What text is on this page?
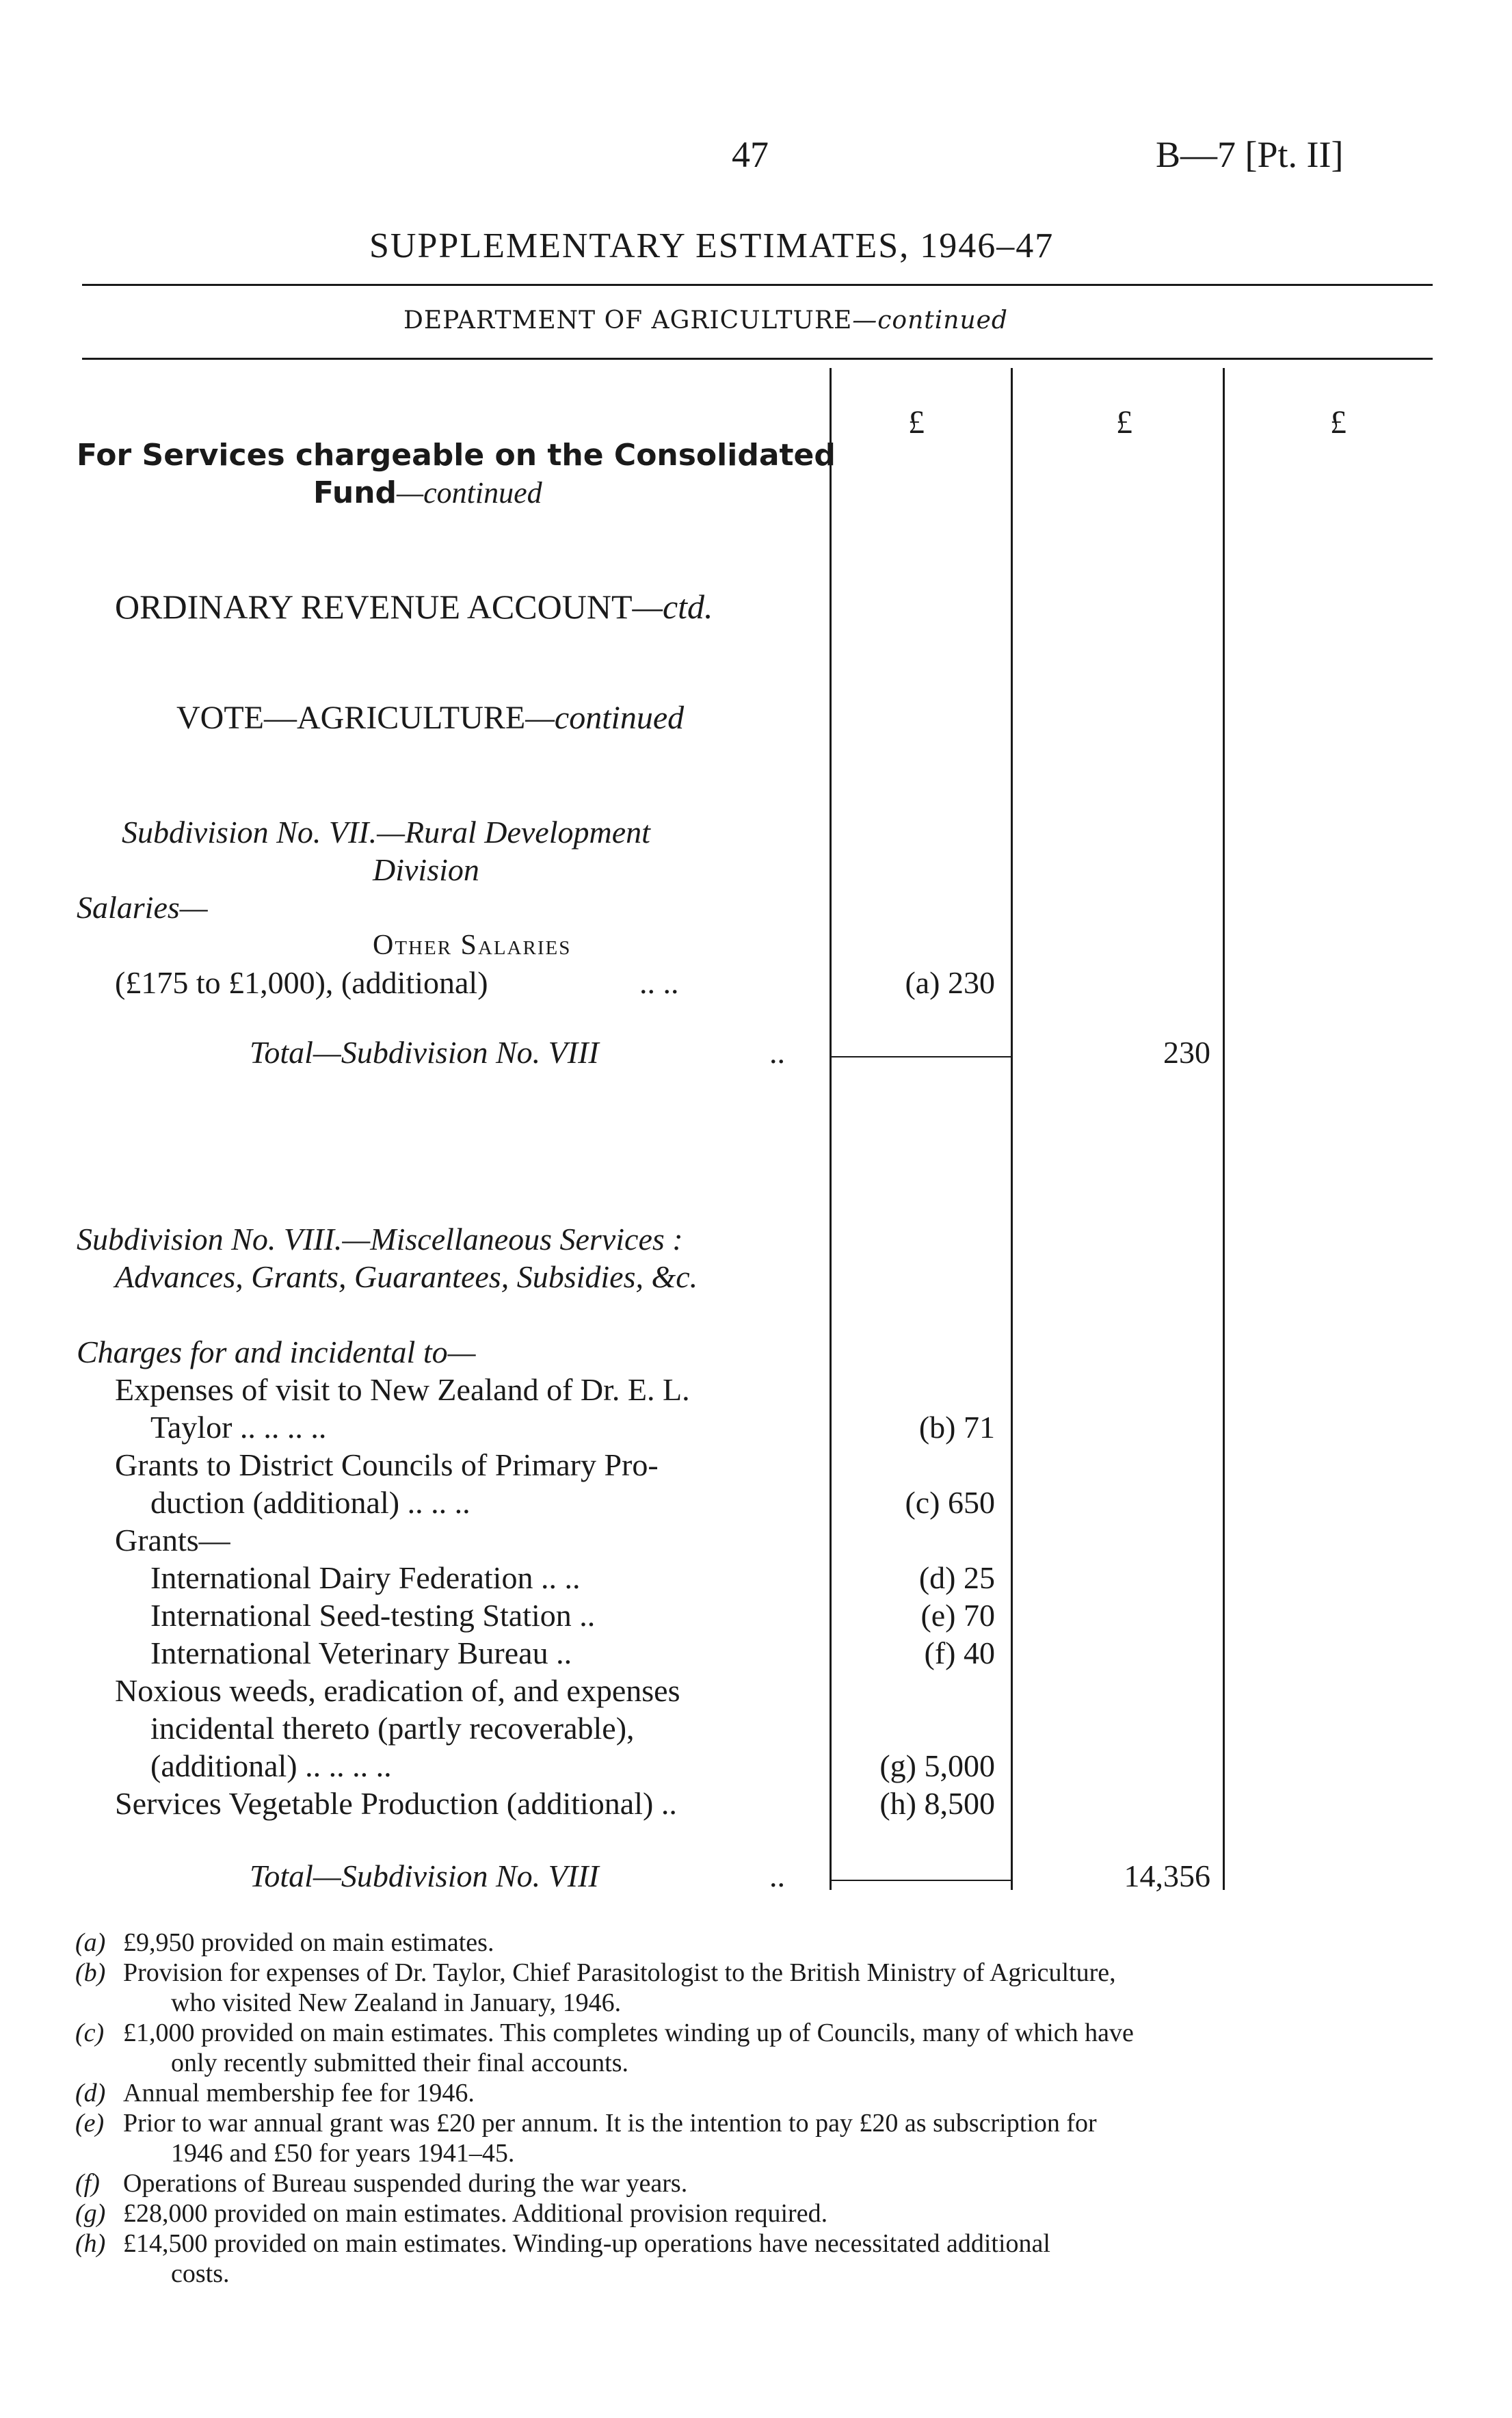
47	B—7 [Pt. II]
SUPPLEMENTARY ESTIMATES, 1946–47
DEPARTMENT OF AGRICULTURE—continued
£	£	£
For Services chargeable on the Consolidated
Fund—continued
ORDINARY REVENUE ACCOUNT—ctd.
VOTE—AGRICULTURE—continued
Subdivision No. VII.—Rural Development
Division
Salaries—
Other Salaries
(£175 to £1,000), (additional)	.. ..	(a) 230
Total—Subdivision No. VIII	..	230
Subdivision No. VIII.—Miscellaneous Services :
Advances, Grants, Guarantees, Subsidies, &c.
Charges for and incidental to—
Expenses of visit to New Zealand of Dr. E. L.
Taylor .. .. .. ..	(b) 71
Grants to District Councils of Primary Pro-
duction (additional) .. .. ..	(c) 650
Grants—
International Dairy Federation .. ..	(d) 25
International Seed-testing Station ..	(e) 70
International Veterinary Bureau ..	(f) 40
Noxious weeds, eradication of, and expenses
incidental thereto (partly recoverable),
(additional) .. .. .. ..	(g) 5,000
Services Vegetable Production (additional) ..	(h) 8,500
Total—Subdivision No. VIII	..	14,356
(a) £9,950 provided on main estimates.
(b) Provision for expenses of Dr. Taylor, Chief Parasitologist to the British Ministry of Agriculture,
who visited New Zealand in January, 1946.
(c) £1,000 provided on main estimates. This completes winding up of Councils, many of which have
only recently submitted their final accounts.
(d) Annual membership fee for 1946.
(e) Prior to war annual grant was £20 per annum. It is the intention to pay £20 as subscription for
1946 and £50 for years 1941–45.
(f) Operations of Bureau suspended during the war years.
(g) £28,000 provided on main estimates. Additional provision required.
(h) £14,500 provided on main estimates. Winding-up operations have necessitated additional
costs.
